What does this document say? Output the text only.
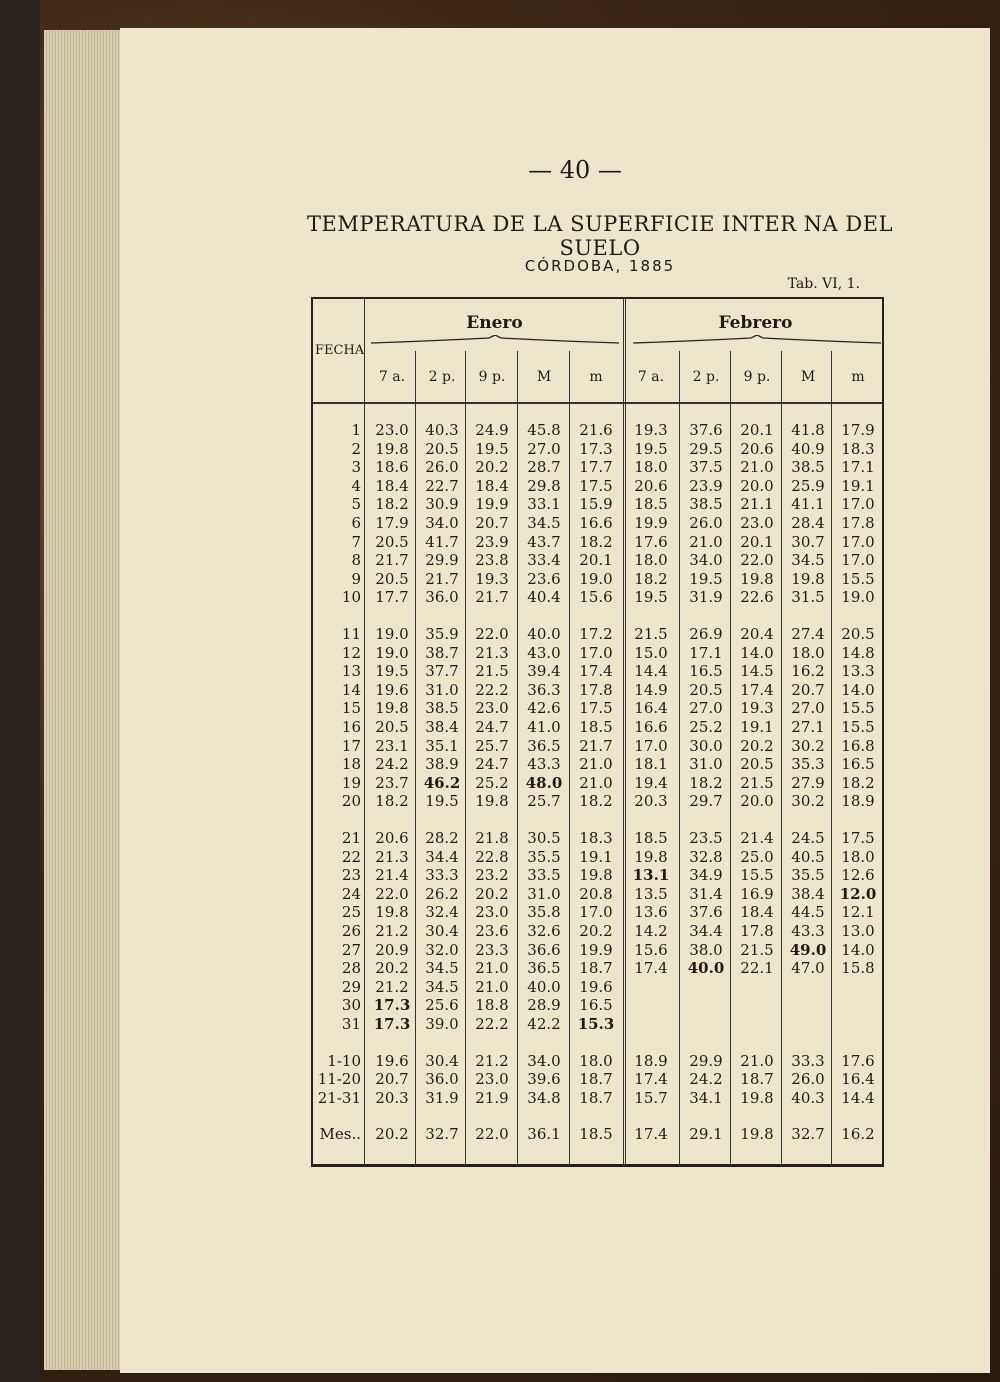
— 40 —
TEMPERATURA DE LA SUPERFICIE INTER NA DEL SUELO
CÓRDOBA, 1885
Tab. VI, 1.
FECHA
Enero	Febrero
7 a.	2 p.	9 p.	M	m	7 a.	2 p.	9 p.	M	m
1 23.0	40.3	24.9	45.8	21.6	19.3	37.6	20.1	41.8	17.9
2 19.8	20.5	19.5	27.0	17.3	19.5	29.5	20.6	40.9	18.3
3 18.6	26.0	20.2	28.7	17.7	18.0	37.5	21.0	38.5	17.1
4 18.4	22.7	18.4	29.8	17.5	20.6	23.9	20.0	25.9	19.1
5 18.2	30.9	19.9	33.1	15.9	18.5	38.5	21.1	41.1	17.0
6 17.9	34.0	20.7	34.5	16.6	19.9	26.0	23.0	28.4	17.8
7 20.5	41.7	23.9	43.7	18.2	17.6	21.0	20.1	30.7	17.0
8 21.7	29.9	23.8	33.4	20.1	18.0	34.0	22.0	34.5	17.0
9 20.5	21.7	19.3	23.6	19.0	18.2	19.5	19.8	19.8	15.5
10 17.7	36.0	21.7	40.4	15.6	19.5	31.9	22.6	31.5	19.0
11 19.0	35.9	22.0	40.0	17.2	21.5	26.9	20.4	27.4	20.5
12 19.0	38.7	21.3	43.0	17.0	15.0	17.1	14.0	18.0	14.8
13 19.5	37.7	21.5	39.4	17.4	14.4	16.5	14.5	16.2	13.3
14 19.6	31.0	22.2	36.3	17.8	14.9	20.5	17.4	20.7	14.0
15 19.8	38.5	23.0	42.6	17.5	16.4	27.0	19.3	27.0	15.5
16 20.5	38.4	24.7	41.0	18.5	16.6	25.2	19.1	27.1	15.5
17 23.1	35.1	25.7	36.5	21.7	17.0	30.0	20.2	30.2	16.8
18 24.2	38.9	24.7	43.3	21.0	18.1	31.0	20.5	35.3	16.5
19 23.7	46.2	25.2	48.0	21.0	19.4	18.2	21.5	27.9	18.2
20 18.2	19.5	19.8	25.7	18.2	20.3	29.7	20.0	30.2	18.9
21 20.6	28.2	21.8	30.5	18.3	18.5	23.5	21.4	24.5	17.5
22 21.3	34.4	22.8	35.5	19.1	19.8	32.8	25.0	40.5	18.0
23 21.4	33.3	23.2	33.5	19.8	13.1	34.9	15.5	35.5	12.6
24 22.0	26.2	20.2	31.0	20.8	13.5	31.4	16.9	38.4	12.0
25 19.8	32.4	23.0	35.8	17.0	13.6	37.6	18.4	44.5	12.1
26 21.2	30.4	23.6	32.6	20.2	14.2	34.4	17.8	43.3	13.0
27 20.9	32.0	23.3	36.6	19.9	15.6	38.0	21.5	49.0	14.0
28 20.2	34.5	21.0	36.5	18.7	17.4	40.0	22.1	47.0	15.8
29 21.2	34.5	21.0	40.0	19.6
30 17.3	25.6	18.8	28.9	16.5
31 17.3	39.0	22.2	42.2	15.3
1-10 19.6	30.4	21.2	34.0	18.0	18.9	29.9	21.0	33.3	17.6
11-20 20.7	36.0	23.0	39.6	18.7	17.4	24.2	18.7	26.0	16.4
21-31 20.3	31.9	21.9	34.8	18.7	15.7	34.1	19.8	40.3	14.4
Mes.. 20.2	32.7	22.0	36.1	18.5	17.4	29.1	19.8	32.7	16.2
